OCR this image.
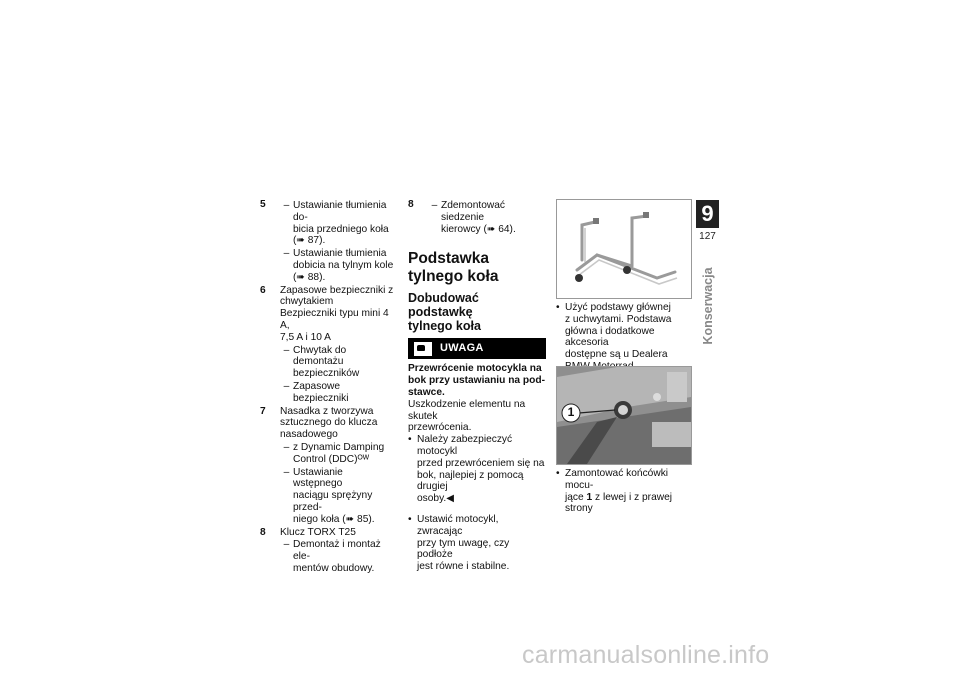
5	– Ustawianie tłumienia do-
bicia przedniego koła
(➠ 87).
– Ustawianie tłumienia
dobicia na tylnym kole
(➠ 88).
6	Zapasowe bezpieczniki z
chwytakiem
Bezpieczniki typu mini 4 A,
7,5 A i 10 A
– Chwytak do demontażu
bezpieczników
– Zapasowe bezpieczniki
7	Nasadka z tworzywa
sztucznego do klucza
nasadowego
– z Dynamic Damping
Control (DDC)ᴼᵂ
– Ustawianie wstępnego
naciągu sprężyny przed-
niego koła (➠ 85).
8	Klucz TORX T25
– Demontaż i montaż ele-
mentów obudowy.
8	– Zdemontować siedzenie
kierowcy (➠ 64).
Podstawka tylnego koła
Dobudować podstawkę
tylnego koła
UWAGA
Przewrócenie motocykla na
bok przy ustawianiu na pod-
stawce.
Uszkodzenie elementu na skutek
przewrócenia.
• Należy zabezpieczyć motocykl
przed przewróceniem się na
bok, najlepiej z pomocą drugiej
osoby.◀
• Ustawić motocykl, zwracając
przy tym uwagę, czy podłoże
jest równe i stabilne.
• Użyć podstawy głównej
z uchwytami. Podstawa
główna i dodatkowe akcesoria
dostępne są u Dealera
1
• Zamontować końcówki mocu-
jące 1 z lewej i z prawej strony
9
127
Konserwacja
carmanualsonline.info
